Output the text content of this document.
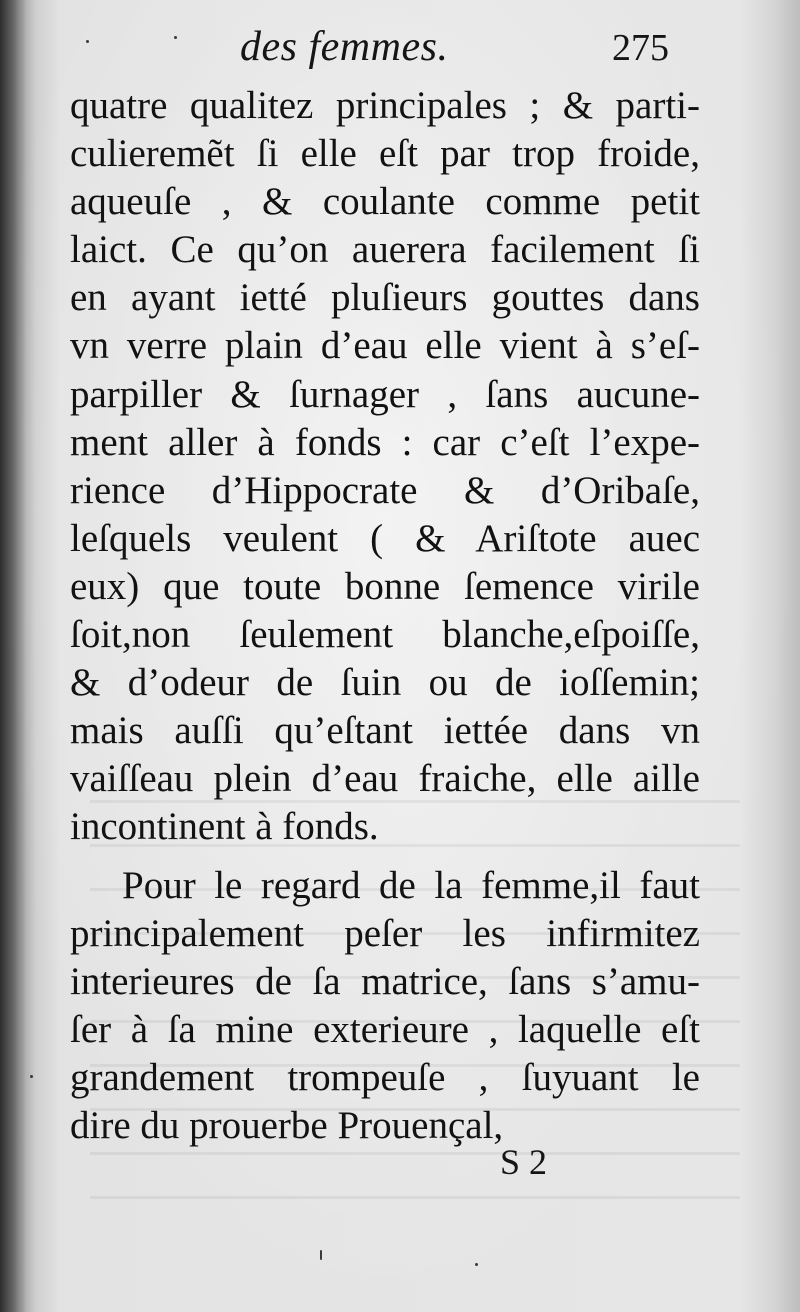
des femmes.	275
quatre qualitez principales ; & parti-
culieremẽt ſi elle eſt par trop froide,
aqueuſe , & coulante comme petit
laict. Ce qu’on auerera facilement ſi
en ayant ietté pluſieurs gouttes dans
vn verre plain d’eau elle vient à s’eſ-
parpiller & ſurnager , ſans aucune-
ment aller à fonds : car c’eſt l’expe-
rience d’Hippocrate & d’Oribaſe,
leſquels veulent ( & Ariſtote auec
eux) que toute bonne ſemence virile
ſoit,non ſeulement blanche,eſpoiſſe,
& d’odeur de ſuin ou de ioſſemin;
mais auſſi qu’eſtant iettée dans vn
vaiſſeau plein d’eau fraiche, elle aille
incontinent à fonds.
Pour le regard de la femme,il faut
principalement peſer les infirmitez
interieures de ſa matrice, ſans s’amu-
ſer à ſa mine exterieure , laquelle eſt
grandement trompeuſe , ſuyuant le
dire du prouerbe Prouençal,
S 2
